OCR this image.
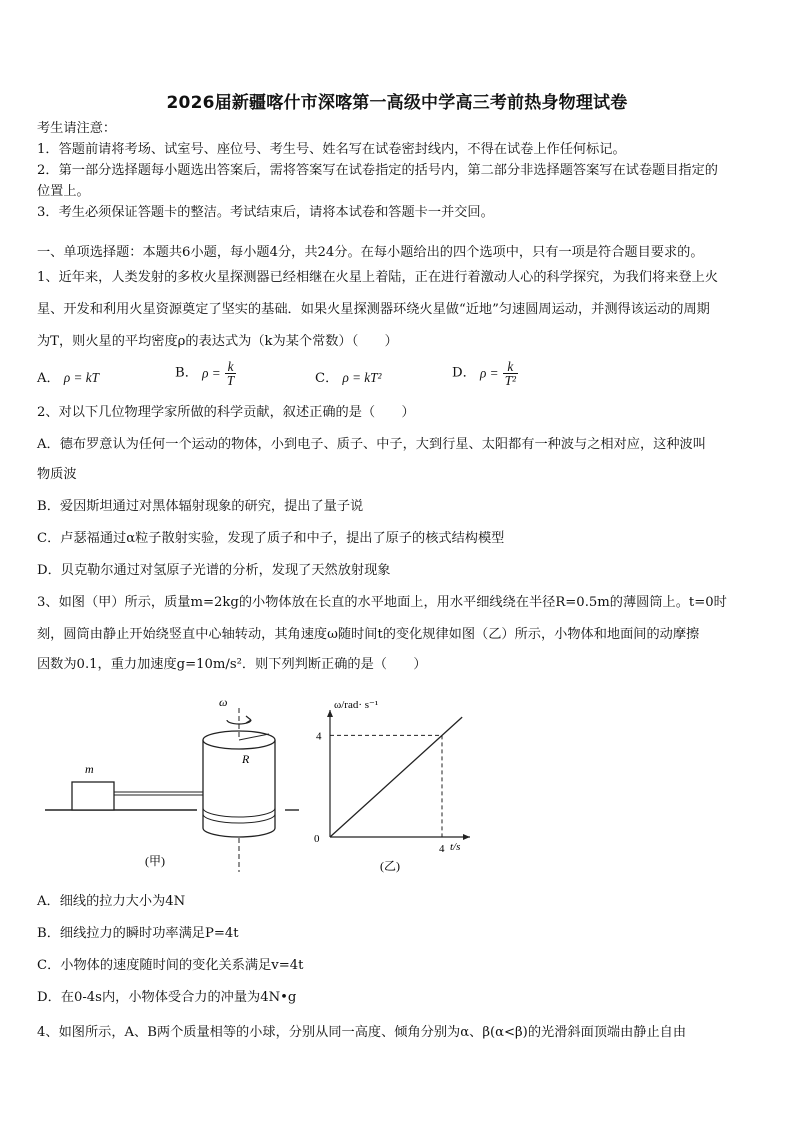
2026届新疆喀什市深喀第一高级中学高三考前热身物理试卷
考生请注意：
1．答题前请将考场、试室号、座位号、考生号、姓名写在试卷密封线内，不得在试卷上作任何标记。
2．第一部分选择题每小题选出答案后，需将答案写在试卷指定的括号内，第二部分非选择题答案写在试卷题目指定的
位置上。
3．考生必须保证答题卡的整洁。考试结束后，请将本试卷和答题卡一并交回。
一、单项选择题：本题共6小题，每小题4分，共24分。在每小题给出的四个选项中，只有一项是符合题目要求的。
1、近年来，人类发射的多枚火星探测器已经相继在火星上着陆，正在进行着激动人心的科学探究，为我们将来登上火
星、开发和利用火星资源奠定了坚实的基础．如果火星探测器环绕火星做“近地”匀速圆周运动，并测得该运动的周期
为T，则火星的平均密度ρ的表达式为（k为某个常数）（　　）
A． ρ = kT	B． $\rho = \frac{k}{T}$	C． ρ = kT²	D． $\rho = \frac{k}{\text{T²}}$
2、对以下几位物理学家所做的科学贡献，叙述正确的是（　　）
A．德布罗意认为任何一个运动的物体，小到电子、质子、中子，大到行星、太阳都有一种波与之相对应，这种波叫
物质波
B．爱因斯坦通过对黑体辐射现象的研究，提出了量子说
C．卢瑟福通过α粒子散射实验，发现了质子和中子，提出了原子的核式结构模型
D．贝克勒尔通过对氢原子光谱的分析，发现了天然放射现象
3、如图（甲）所示，质量m=2kg的小物体放在长直的水平地面上，用水平细线绕在半径R=0.5m的薄圆筒上。t=0时
刻，圆筒由静止开始绕竖直中心轴转动，其角速度ω随时间t的变化规律如图（乙）所示，小物体和地面间的动摩擦
因数为0.1，重力加速度g=10m/s²．则下列判断正确的是（　　）
m
R
ω
(甲)
ω/rad· s⁻¹
t/s
0
4
4
(乙)
A．细线的拉力大小为4N
B．细线拉力的瞬时功率满足P=4t
C．小物体的速度随时间的变化关系满足v=4t
D．在0-4s内，小物体受合力的冲量为4N•g
4、如图所示，A、B两个质量相等的小球，分别从同一高度、倾角分别为α、β(α<β)的光滑斜面顶端由静止自由
